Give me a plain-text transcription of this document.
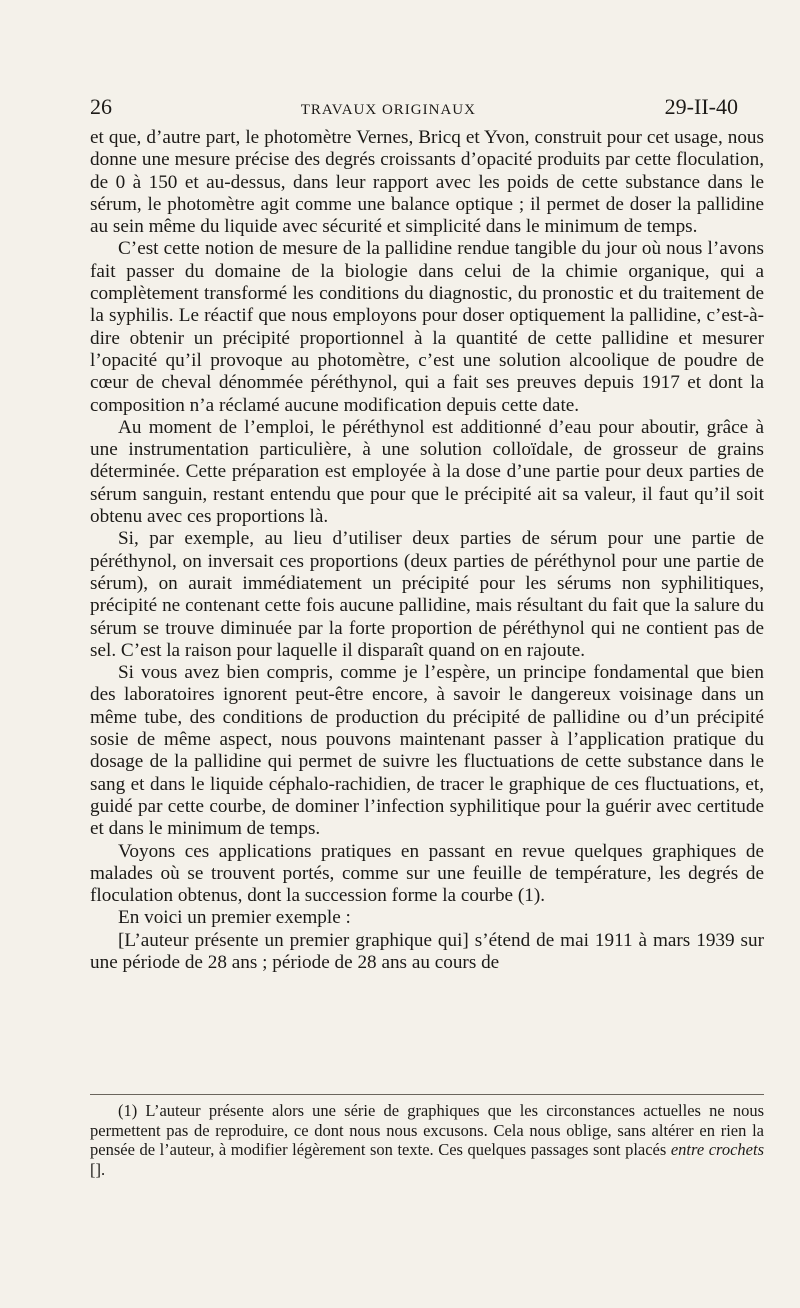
26	TRAVAUX ORIGINAUX	29-II-40

et que, d’autre part, le photomètre Vernes, Bricq et Yvon, construit pour cet usage, nous donne une mesure précise des degrés croissants d’opacité produits par cette floculation, de 0 à 150 et au-dessus, dans leur rapport avec les poids de cette substance dans le sérum, le photomètre agit comme une balance optique ; il permet de doser la pallidine au sein même du liquide avec sécurité et simplicité dans le minimum de temps.

C’est cette notion de mesure de la pallidine rendue tangible du jour où nous l’avons fait passer du domaine de la biologie dans celui de la chimie organique, qui a complètement transformé les conditions du diagnostic, du pronostic et du traitement de la syphilis. Le réactif que nous employons pour doser optiquement la pallidine, c’est-à-dire obtenir un précipité proportionnel à la quantité de cette pallidine et mesurer l’opacité qu’il provoque au photomètre, c’est une solution alcoolique de poudre de cœur de cheval dénommée péréthynol, qui a fait ses preuves depuis 1917 et dont la composition n’a réclamé aucune modification depuis cette date.

Au moment de l’emploi, le péréthynol est additionné d’eau pour aboutir, grâce à une instrumentation particulière, à une solution colloïdale, de grosseur de grains déterminée. Cette préparation est employée à la dose d’une partie pour deux parties de sérum sanguin, restant entendu que pour que le précipité ait sa valeur, il faut qu’il soit obtenu avec ces proportions là.

Si, par exemple, au lieu d’utiliser deux parties de sérum pour une partie de péréthynol, on inversait ces proportions (deux parties de péréthynol pour une partie de sérum), on aurait immédiatement un précipité pour les sérums non syphilitiques, précipité ne contenant cette fois aucune pallidine, mais résultant du fait que la salure du sérum se trouve diminuée par la forte proportion de péréthynol qui ne contient pas de sel. C’est la raison pour laquelle il disparaît quand on en rajoute.

Si vous avez bien compris, comme je l’espère, un principe fondamental que bien des laboratoires ignorent peut-être encore, à savoir le dangereux voisinage dans un même tube, des conditions de production du précipité de pallidine ou d’un précipité sosie de même aspect, nous pouvons maintenant passer à l’application pratique du dosage de la pallidine qui permet de suivre les fluctuations de cette substance dans le sang et dans le liquide céphalo-rachidien, de tracer le graphique de ces fluctuations, et, guidé par cette courbe, de dominer l’infection syphilitique pour la guérir avec certitude et dans le minimum de temps.

Voyons ces applications pratiques en passant en revue quelques graphiques de malades où se trouvent portés, comme sur une feuille de température, les degrés de floculation obtenus, dont la succession forme la courbe (1).

En voici un premier exemple :

[L’auteur présente un premier graphique qui] s’étend de mai 1911 à mars 1939 sur une période de 28 ans ; période de 28 ans au cours de

(1) L’auteur présente alors une série de graphiques que les circonstances actuelles ne nous permettent pas de reproduire, ce dont nous nous excusons. Cela nous oblige, sans altérer en rien la pensée de l’auteur, à modifier légèrement son texte. Ces quelques passages sont placés entre crochets [].
